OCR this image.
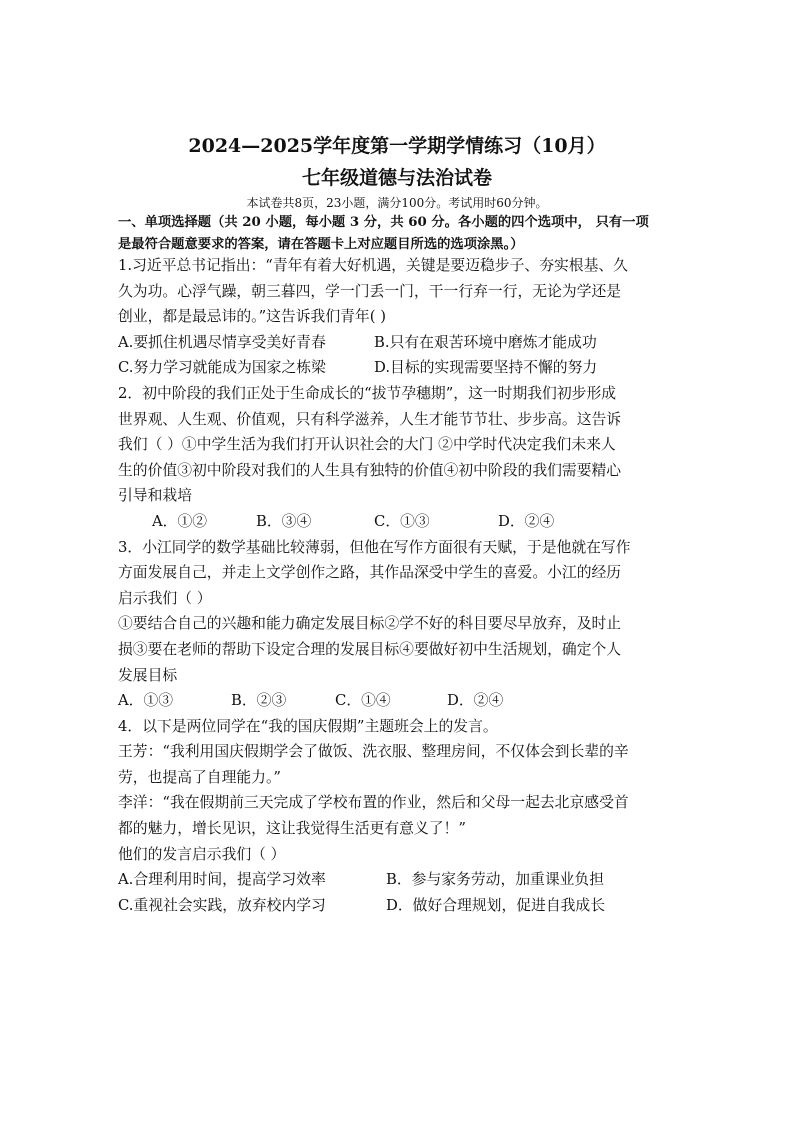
2024—2025学年度第一学期学情练习（10月）
七年级道德与法治试卷
本试卷共8页，23小题，满分100分。考试用时60分钟。
一、单项选择题（共 20 小题，每小题 3 分，共 60 分。各小题的四个选项中， 只有一项
是最符合题意要求的答案，请在答题卡上对应题目所选的选项涂黑。）
1.习近平总书记指出：“青年有着大好机遇，关键是要迈稳步子、夯实根基、久
久为功。心浮气躁，朝三暮四，学一门丢一门，干一行弃一行，无论为学还是
创业，都是最忌讳的。”这告诉我们青年( )
A.要抓住机遇尽情享受美好青春	B.只有在艰苦环境中磨炼才能成功
C.努力学习就能成为国家之栋梁	D.目标的实现需要坚持不懈的努力
2．初中阶段的我们正处于生命成长的“拔节孕穗期”，这一时期我们初步形成
世界观、人生观、价值观，只有科学滋养，人生才能节节壮、步步高。这告诉
我们（ ）①中学生活为我们打开认识社会的大门 ②中学时代决定我们未来人
生的价值③初中阶段对我们的人生具有独特的价值④初中阶段的我们需要精心
引导和栽培
A．①②	B．③④	C．①③	D．②④
3．小江同学的数学基础比较薄弱，但他在写作方面很有天赋，于是他就在写作
方面发展自己，并走上文学创作之路，其作品深受中学生的喜爱。小江的经历
启示我们（ ）
①要结合自己的兴趣和能力确定发展目标②学不好的科目要尽早放弃，及时止
损③要在老师的帮助下设定合理的发展目标④要做好初中生活规划，确定个人
发展目标
A．①③	B．②③	C．①④	D．②④
4．以下是两位同学在“我的国庆假期”主题班会上的发言。
王芳：“我利用国庆假期学会了做饭、洗衣服、整理房间，不仅体会到长辈的辛
劳，也提高了自理能力。”
李洋：“我在假期前三天完成了学校布置的作业，然后和父母一起去北京感受首
都的魅力，增长见识，这让我觉得生活更有意义了！”
他们的发言启示我们（ ）
A.合理利用时间，提高学习效率	B．参与家务劳动，加重课业负担
C.重视社会实践，放弃校内学习	D．做好合理规划，促进自我成长
